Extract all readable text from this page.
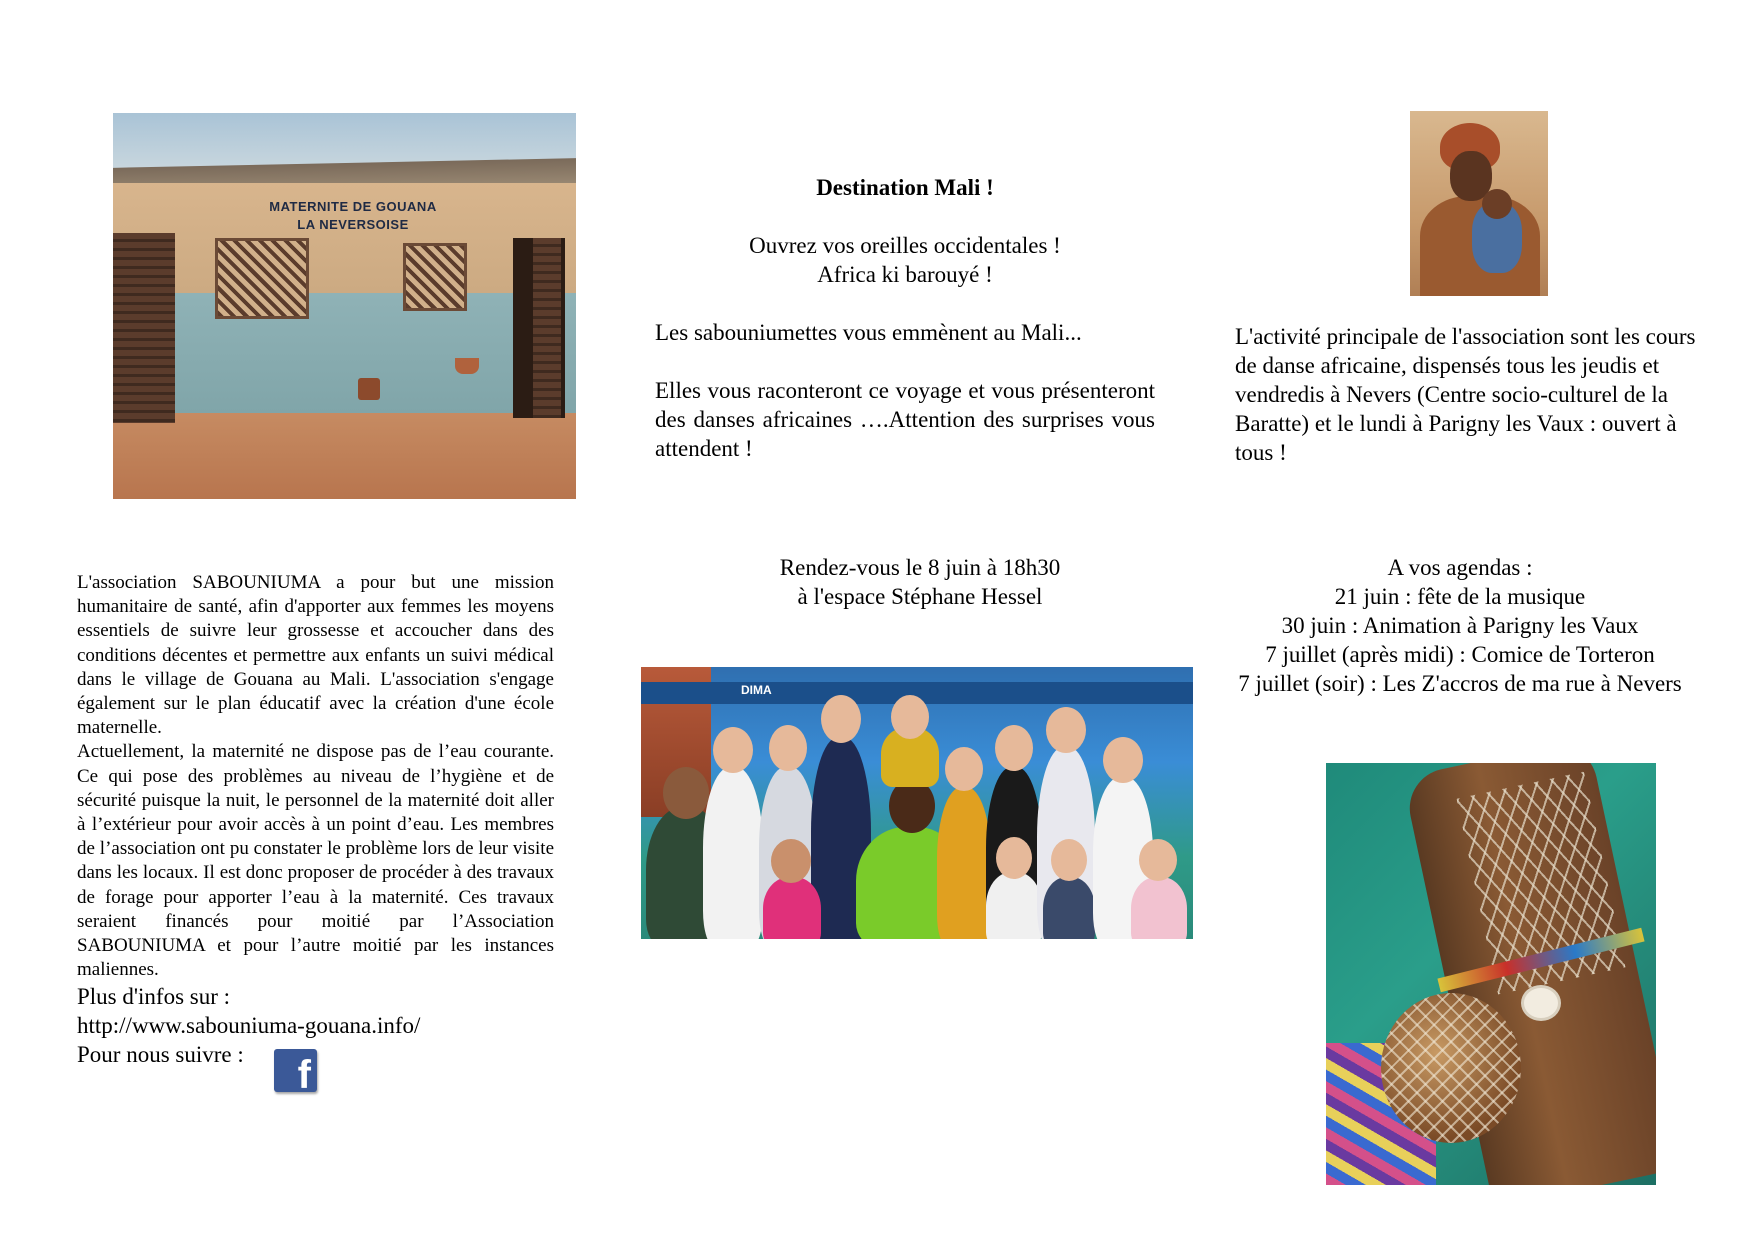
MATERNITE DE GOUANA
LA NEVERSOISE
Destination Mali !
Ouvrez vos oreilles occidentales !
Africa ki barouyé !
Les sabouniumettes vous emmènent au Mali...
Elles vous raconteront ce voyage et vous présenteront des danses africaines ….Attention des surprises vous attendent !
L'activité principale de l'association sont les cours de danse africaine, dispensés tous les jeudis et vendredis à Nevers (Centre socio-culturel de la Baratte) et le lundi à Parigny les Vaux : ouvert à tous !

L'association SABOUNIUMA a pour but une mission humanitaire de santé, afin d'apporter aux femmes les moyens essentiels de suivre leur grossesse et accoucher dans des conditions décentes et permettre aux enfants un suivi médical dans le village de Gouana au Mali. L'association s'engage également sur le plan éducatif avec la création d'une école maternelle.

Actuellement, la maternité ne dispose pas de l’eau courante. Ce qui pose des problèmes au niveau de l’hygiène et de sécurité puisque la nuit, le personnel de la maternité doit aller à l’extérieur pour avoir accès à un point d’eau. Les membres de l’association ont pu constater le problème lors de leur visite dans les locaux. Il est donc proposer de procéder à des travaux de forage pour apporter l’eau à la maternité. Ces travaux seraient financés pour moitié par l’Association SABOUNIUMA et pour l’autre moitié par les instances maliennes.

Plus d'infos sur :
http://www.sabouniuma-gouana.info/
Pour nous suivre :	f
Rendez-vous le 8 juin à 18h30
à l'espace Stéphane Hessel
DIMA
A vos agendas :
21 juin : fête de la musique
30 juin : Animation à Parigny les Vaux
7 juillet (après midi) : Comice de Torteron
7 juillet (soir) : Les Z'accros de ma rue à Nevers
